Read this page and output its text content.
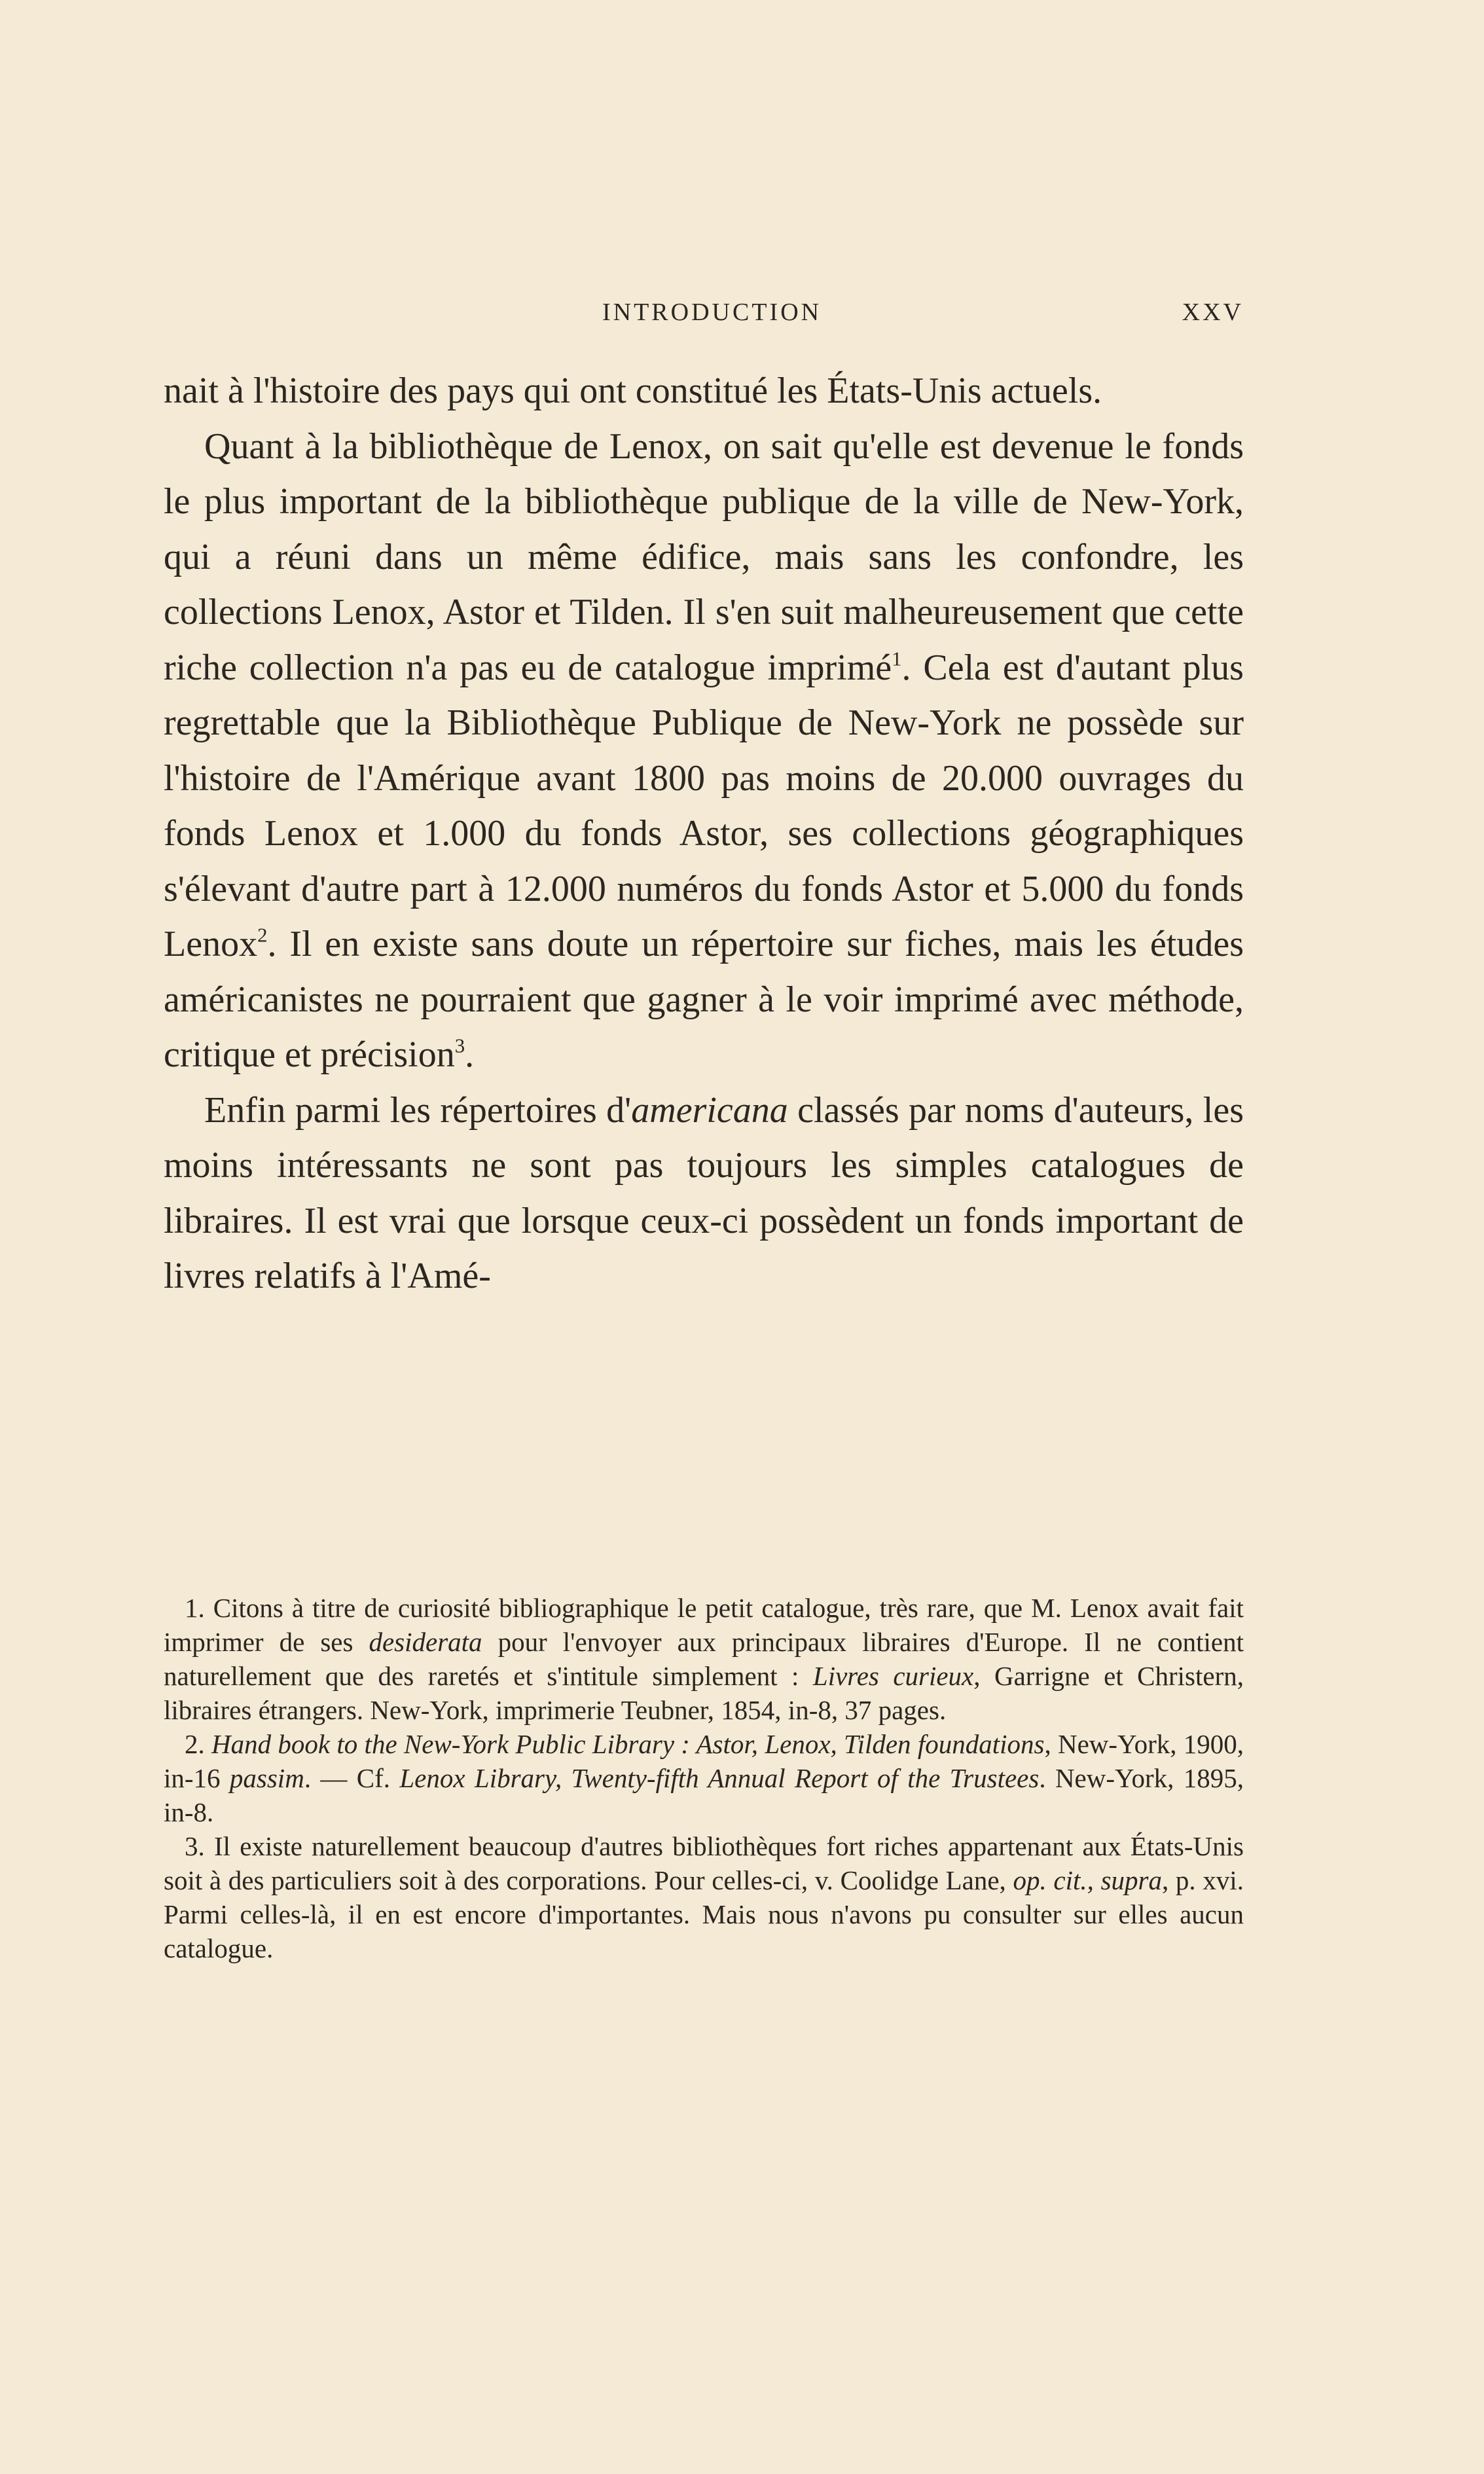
INTRODUCTION	XXV

nait à l'histoire des pays qui ont constitué les États-Unis actuels.

Quant à la bibliothèque de Lenox, on sait qu'elle est devenue le fonds le plus important de la bibliothèque publique de la ville de New-York, qui a réuni dans un même édifice, mais sans les confondre, les collections Lenox, Astor et Tilden. Il s'en suit malheureusement que cette riche collection n'a pas eu de catalogue imprimé$^1$. Cela est d'autant plus regrettable que la Bibliothèque Publique de New-York ne possède sur l'histoire de l'Amérique avant 1800 pas moins de 20.000 ouvrages du fonds Lenox et 1.000 du fonds Astor, ses collections géographiques s'élevant d'autre part à 12.000 numéros du fonds Astor et 5.000 du fonds Lenox$^2$. Il en existe sans doute un répertoire sur fiches, mais les études américanistes ne pourraient que gagner à le voir imprimé avec méthode, critique et précision$^3$.

Enfin parmi les répertoires d'americana classés par noms d'auteurs, les moins intéressants ne sont pas toujours les simples catalogues de libraires. Il est vrai que lorsque ceux-ci possèdent un fonds important de livres relatifs à l'Amé-

1. Citons à titre de curiosité bibliographique le petit catalogue, très rare, que M. Lenox avait fait imprimer de ses desiderata pour l'envoyer aux principaux libraires d'Europe. Il ne contient naturellement que des raretés et s'intitule simplement : Livres curieux, Garrigne et Christern, libraires étrangers. New-York, imprimerie Teubner, 1854, in-8, 37 pages.

2. Hand book to the New-York Public Library : Astor, Lenox, Tilden foundations, New-York, 1900, in-16 passim. — Cf. Lenox Library, Twenty-fifth Annual Report of the Trustees. New-York, 1895, in-8.

3. Il existe naturellement beaucoup d'autres bibliothèques fort riches appartenant aux États-Unis soit à des particuliers soit à des corporations. Pour celles-ci, v. Coolidge Lane, op. cit., supra, p. xvi. Parmi celles-là, il en est encore d'importantes. Mais nous n'avons pu consulter sur elles aucun catalogue.
